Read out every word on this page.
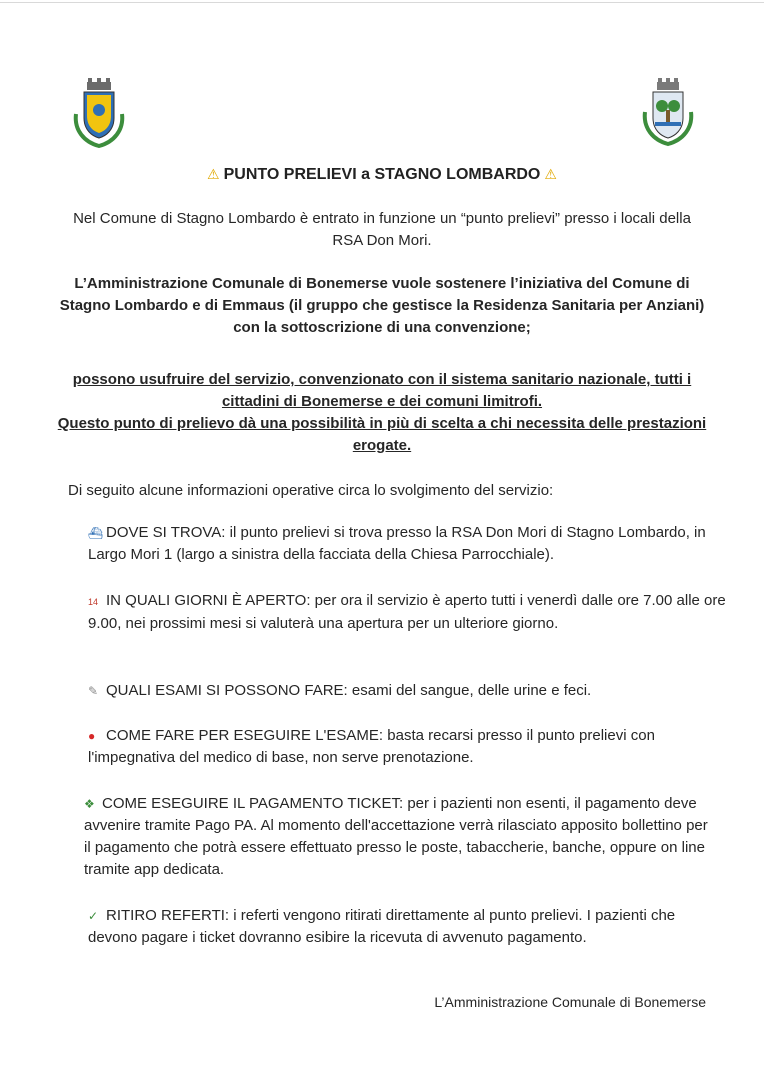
⚠ PUNTO PRELIEVI a STAGNO LOMBARDO ⚠
Nel Comune di Stagno Lombardo è entrato in funzione un “punto prelievi” presso i locali della RSA Don Mori.
L’Amministrazione Comunale di Bonemerse vuole sostenere l’iniziativa del Comune di Stagno Lombardo e di Emmaus (il gruppo che gestisce la Residenza Sanitaria per Anziani) con la sottoscrizione di una convenzione;
possono usufruire del servizio, convenzionato con il sistema sanitario nazionale, tutti i cittadini di Bonemerse e dei comuni limitrofi.
Questo punto di prelievo dà una possibilità in più di scelta a chi necessita delle prestazioni erogate.
Di seguito alcune informazioni operative circa lo svolgimento del servizio:
⛴ DOVE SI TROVA: il punto prelievi si trova presso la RSA Don Mori di Stagno Lombardo, in Largo Mori 1 (largo a sinistra della facciata della Chiesa Parrocchiale).
14 IN QUALI GIORNI È APERTO: per ora il servizio è aperto tutti i venerdì dalle ore 7.00 alle ore 9.00, nei prossimi mesi si valuterà una apertura per un ulteriore giorno.
✎ QUALI ESAMI SI POSSONO FARE: esami del sangue, delle urine e feci.
● COME FARE PER ESEGUIRE L'ESAME: basta recarsi presso il punto prelievi con l'impegnativa del medico di base, non serve prenotazione.
❖ COME ESEGUIRE IL PAGAMENTO TICKET: per i pazienti non esenti, il pagamento deve avvenire tramite Pago PA. Al momento dell'accettazione verrà rilasciato apposito bollettino per il pagamento che potrà essere effettuato presso le poste, tabaccherie, banche, oppure on line tramite app dedicata.
✓ RITIRO REFERTI: i referti vengono ritirati direttamente al punto prelievi. I pazienti che devono pagare i ticket dovranno esibire la ricevuta di avvenuto pagamento.
L’Amministrazione Comunale di Bonemerse
